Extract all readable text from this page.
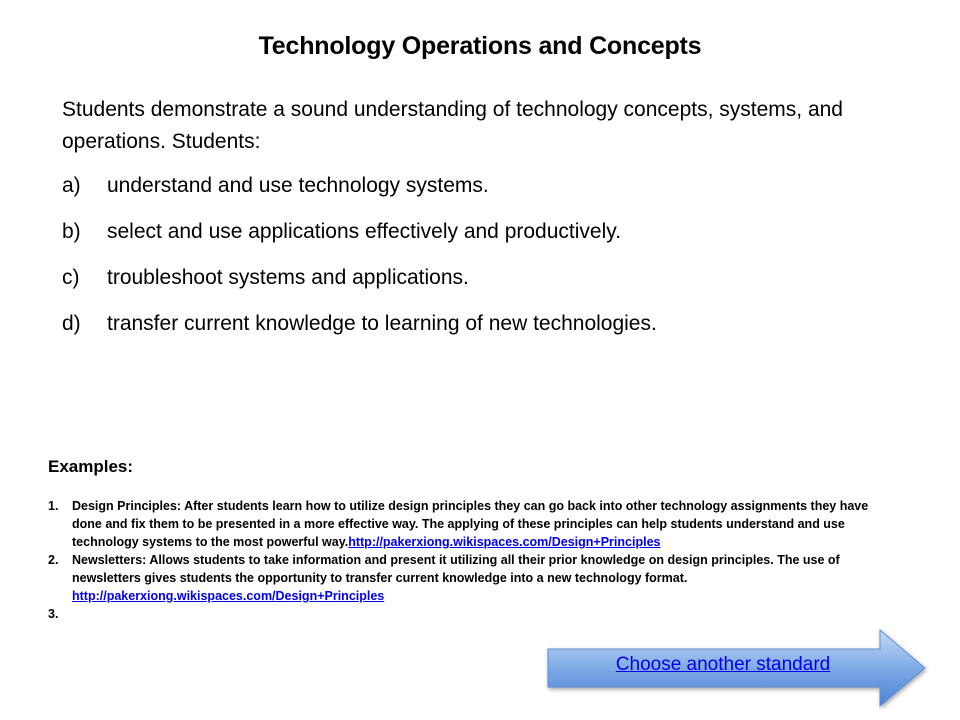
Technology Operations and Concepts
Students demonstrate a sound understanding of technology concepts, systems, and operations. Students:
a)	understand and use technology systems.
b)	select and use applications effectively and productively.
c)	troubleshoot systems and applications.
d)	transfer current knowledge to learning of new technologies.
Examples:
1.	Design Principles: After students learn how to utilize design principles they can go back into other technology assignments they have done and fix them to be presented in a more effective way. The applying of these principles can help students understand and use technology systems to the most powerful way.http://pakerxiong.wikispaces.com/Design+Principles
2.	Newsletters: Allows students to take information and present it utilizing all their prior knowledge on design principles. The use of newsletters gives students the opportunity to transfer current knowledge into a new technology format. http://pakerxiong.wikispaces.com/Design+Principles
3.
Choose another standard
